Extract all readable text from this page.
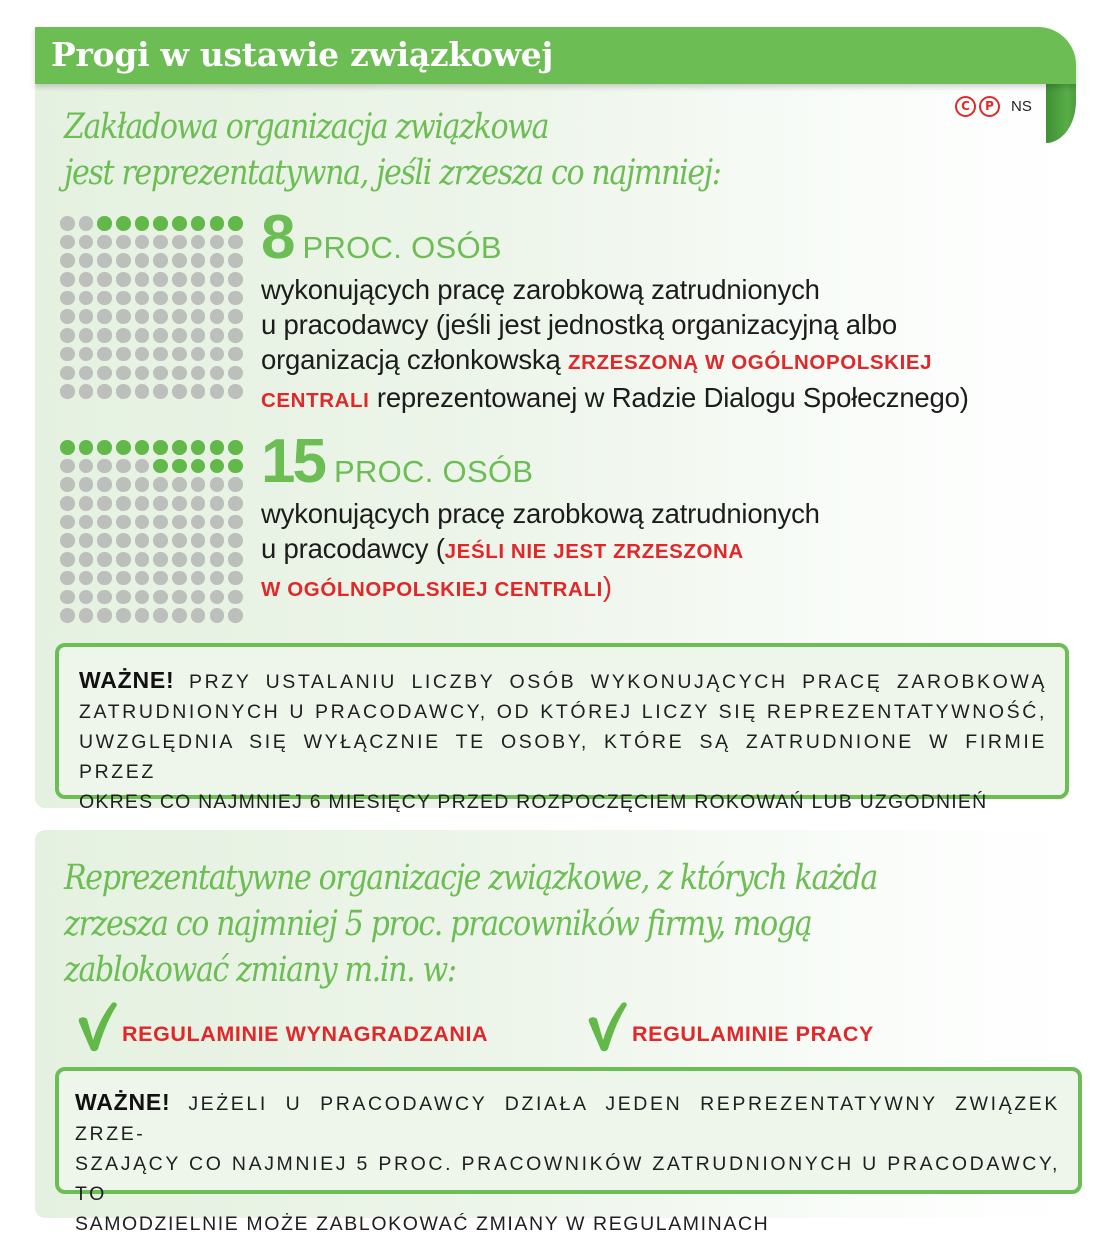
Progi w ustawie związkowej
C	P	NS
Zakładowa organizacja związkowa
jest reprezentatywna, jeśli zrzesza co najmniej:
8 PROC. OSÓB
wykonujących pracę zarobkową zatrudnionych
u pracodawcy (jeśli jest jednostką organizacyjną albo
organizacją członkowską ZRZESZONĄ W OGÓLNOPOLSKIEJ
CENTRALI reprezentowanej w Radzie Dialogu Społecznego)
15 PROC. OSÓB
wykonujących pracę zarobkową zatrudnionych
u pracodawcy (JEŚLI NIE JEST ZRZESZONA
W OGÓLNOPOLSKIEJ CENTRALI)
WAŻNE! PRZY USTALANIU LICZBY OSÓB WYKONUJĄCYCH PRACĘ ZAROBKOWĄ
ZATRUDNIONYCH U PRACODAWCY, OD KTÓREJ LICZY SIĘ REPREZENTATYWNOŚĆ,
UWZGLĘDNIA SIĘ WYŁĄCZNIE TE OSOBY, KTÓRE SĄ ZATRUDNIONE W FIRMIE PRZEZ
OKRES CO NAJMNIEJ 6 MIESIĘCY PRZED ROZPOCZĘCIEM ROKOWAŃ LUB UZGODNIEŃ
Reprezentatywne organizacje związkowe, z których każda
zrzesza co najmniej 5 proc. pracowników firmy, mogą
zablokować zmiany m.in. w:
REGULAMINIE WYNAGRADZANIA	REGULAMINIE PRACY
WAŻNE! JEŻELI U PRACODAWCY DZIAŁA JEDEN REPREZENTATYWNY ZWIĄZEK ZRZE-
SZAJĄCY CO NAJMNIEJ 5 PROC. PRACOWNIKÓW ZATRUDNIONYCH U PRACODAWCY, TO
SAMODZIELNIE MOŻE ZABLOKOWAĆ ZMIANY W REGULAMINACH
